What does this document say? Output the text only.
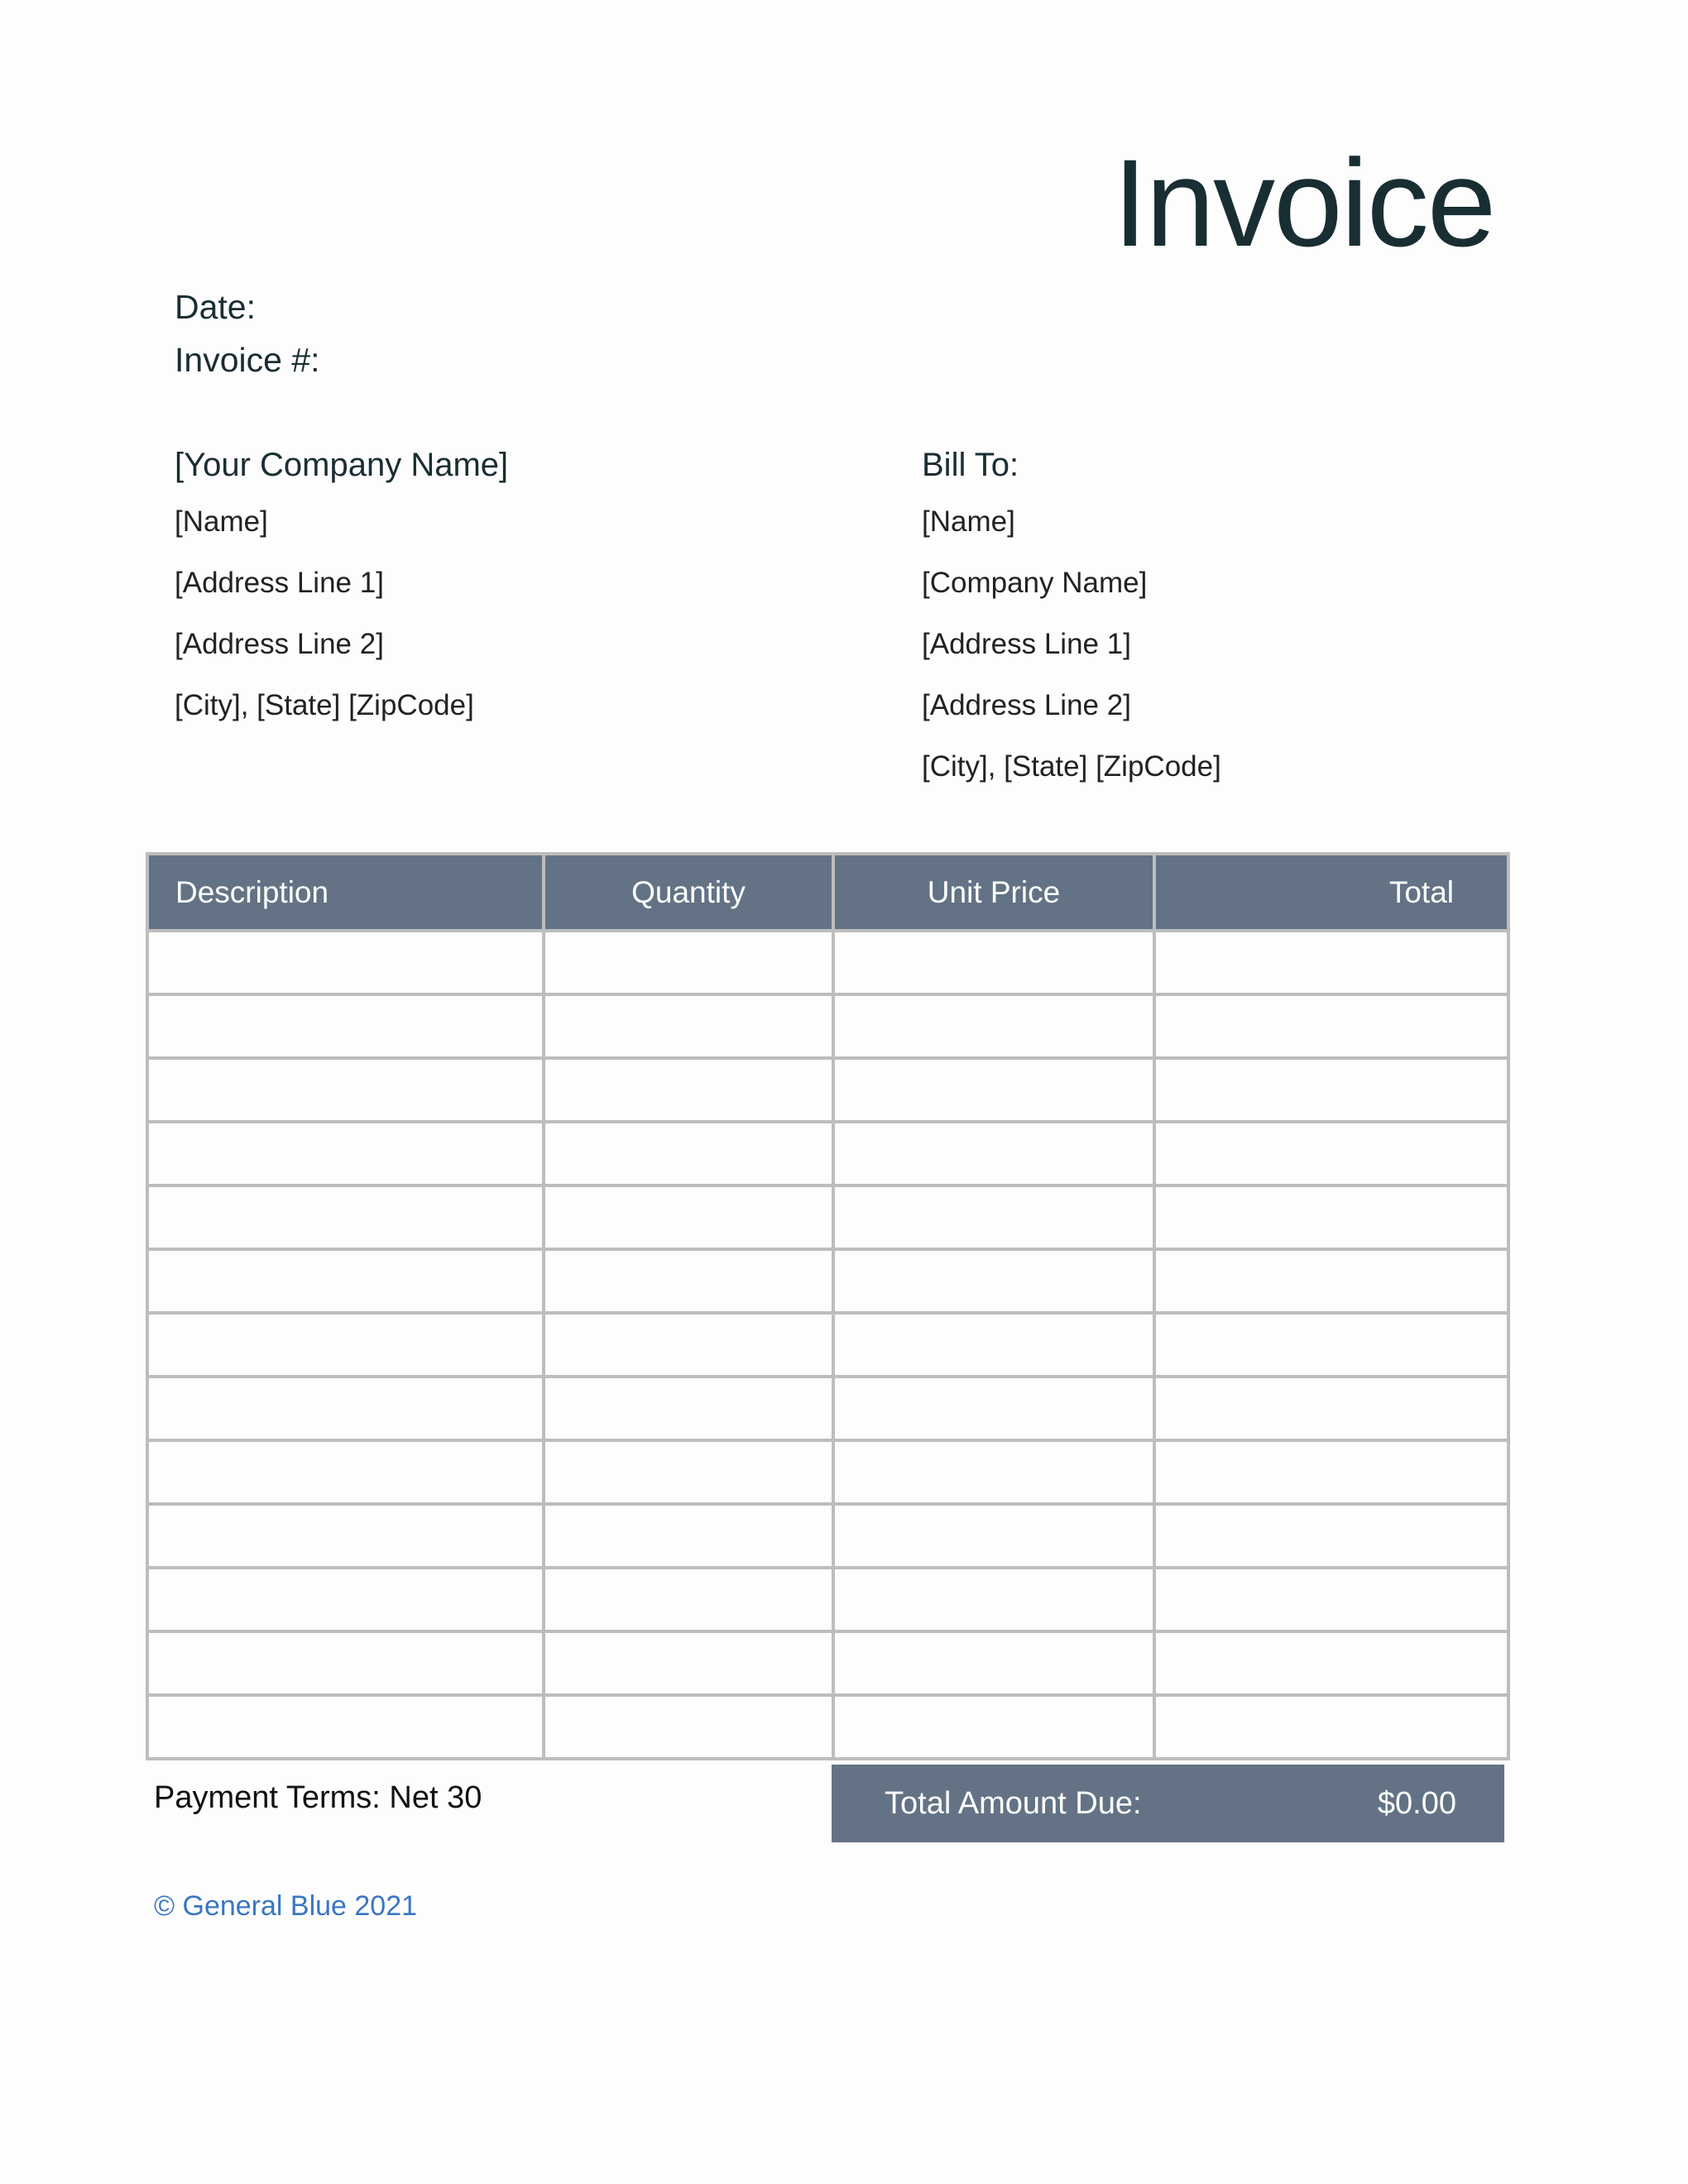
Invoice
Date:
Invoice #:
[Your Company Name]
[Name]
[Address Line 1]
[Address Line 2]
[City], [State] [ZipCode]
Bill To:
[Name]
[Company Name]
[Address Line 1]
[Address Line 2]
[City], [State] [ZipCode]
Description	Quantity	Unit Price	Total

Payment Terms: Net 30	Total Amount Due:	$0.00
© General Blue 2021
